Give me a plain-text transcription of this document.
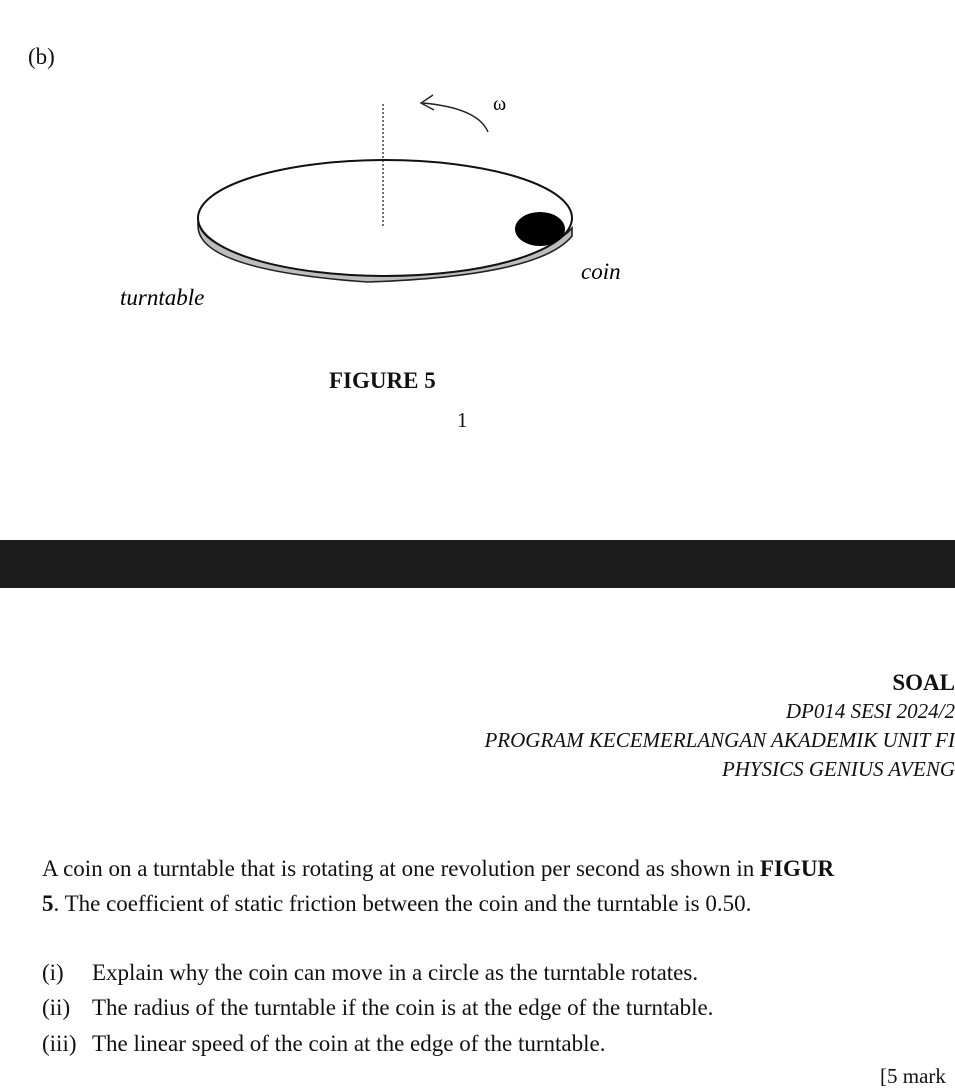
(b)
ω
coin
turntable
FIGURE 5
1
SOAL
DP014 SESI 2024/2
PROGRAM KECEMERLANGAN AKADEMIK UNIT FI
PHYSICS GENIUS AVENG
A coin on a turntable that is rotating at one revolution per second as shown in FIGUR
5. The coefficient of static friction between the coin and the turntable is 0.50.
(i) Explain why the coin can move in a circle as the turntable rotates.
(ii) The radius of the turntable if the coin is at the edge of the turntable.
(iii) The linear speed of the coin at the edge of the turntable.
[5 mark
